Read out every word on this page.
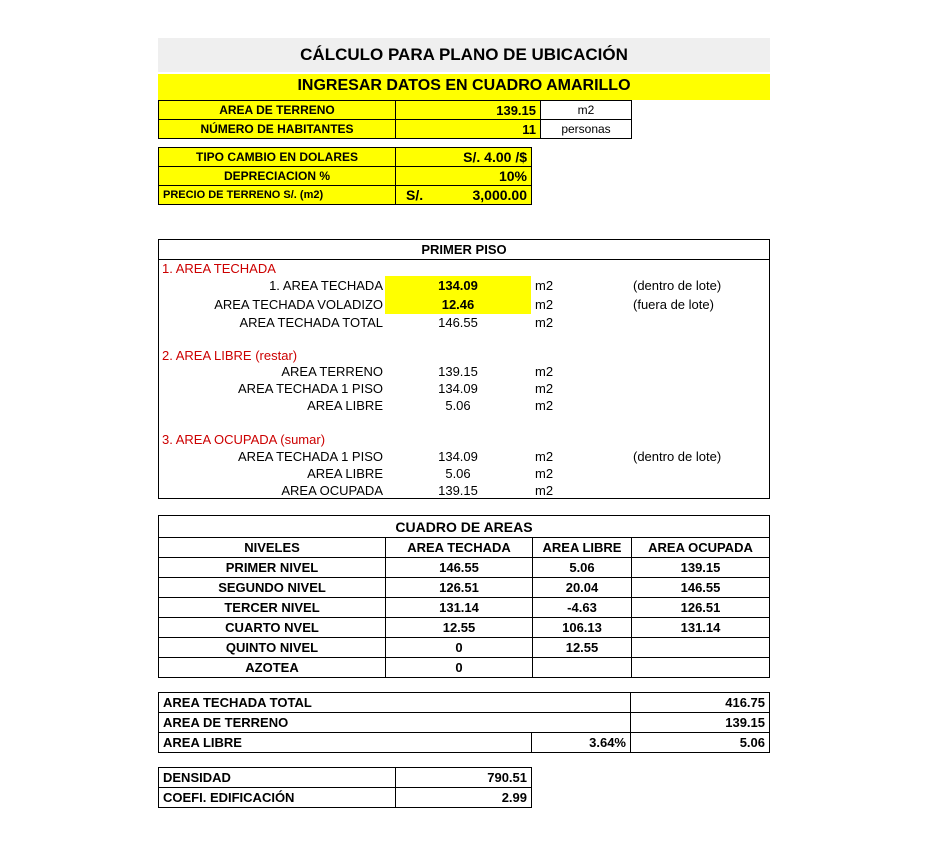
CÁLCULO PARA PLANO DE UBICACIÓN
INGRESAR DATOS EN CUADRO AMARILLO
AREA DE TERRENO	139.15	m2
NÚMERO DE HABITANTES	11	personas
TIPO CAMBIO EN DOLARES	S/. 4.00 /$
DEPRECIACION %	10%
PRECIO DE TERRENO S/. (m2)	S/. 3,000.00
PRIMER PISO
1. AREA TECHADA
1. AREA TECHADA	134.09	m2	(dentro de lote)
AREA TECHADA VOLADIZO	12.46	m2	(fuera de lote)
AREA TECHADA TOTAL	146.55	m2
2. AREA LIBRE (restar)
AREA TERRENO	139.15	m2
AREA TECHADA 1 PISO	134.09	m2
AREA LIBRE	5.06	m2
3. AREA OCUPADA (sumar)
AREA TECHADA 1 PISO	134.09	m2	(dentro de lote)
AREA LIBRE	5.06	m2
AREA OCUPADA	139.15	m2
CUADRO DE AREAS			
NIVELES	AREA TECHADA	AREA LIBRE	AREA OCUPADA
PRIMER NIVEL	146.55	5.06	139.15
SEGUNDO NIVEL	126.51	20.04	146.55
TERCER NIVEL	131.14	-4.63	126.51
CUARTO NVEL	12.55	106.13	131.14
QUINTO NIVEL	0	12.55	
AZOTEA	0		
AREA TECHADA TOTAL		416.75
AREA DE TERRENO		139.15
AREA LIBRE	3.64%	5.06
DENSIDAD	790.51
COEFI. EDIFICACIÓN	2.99
